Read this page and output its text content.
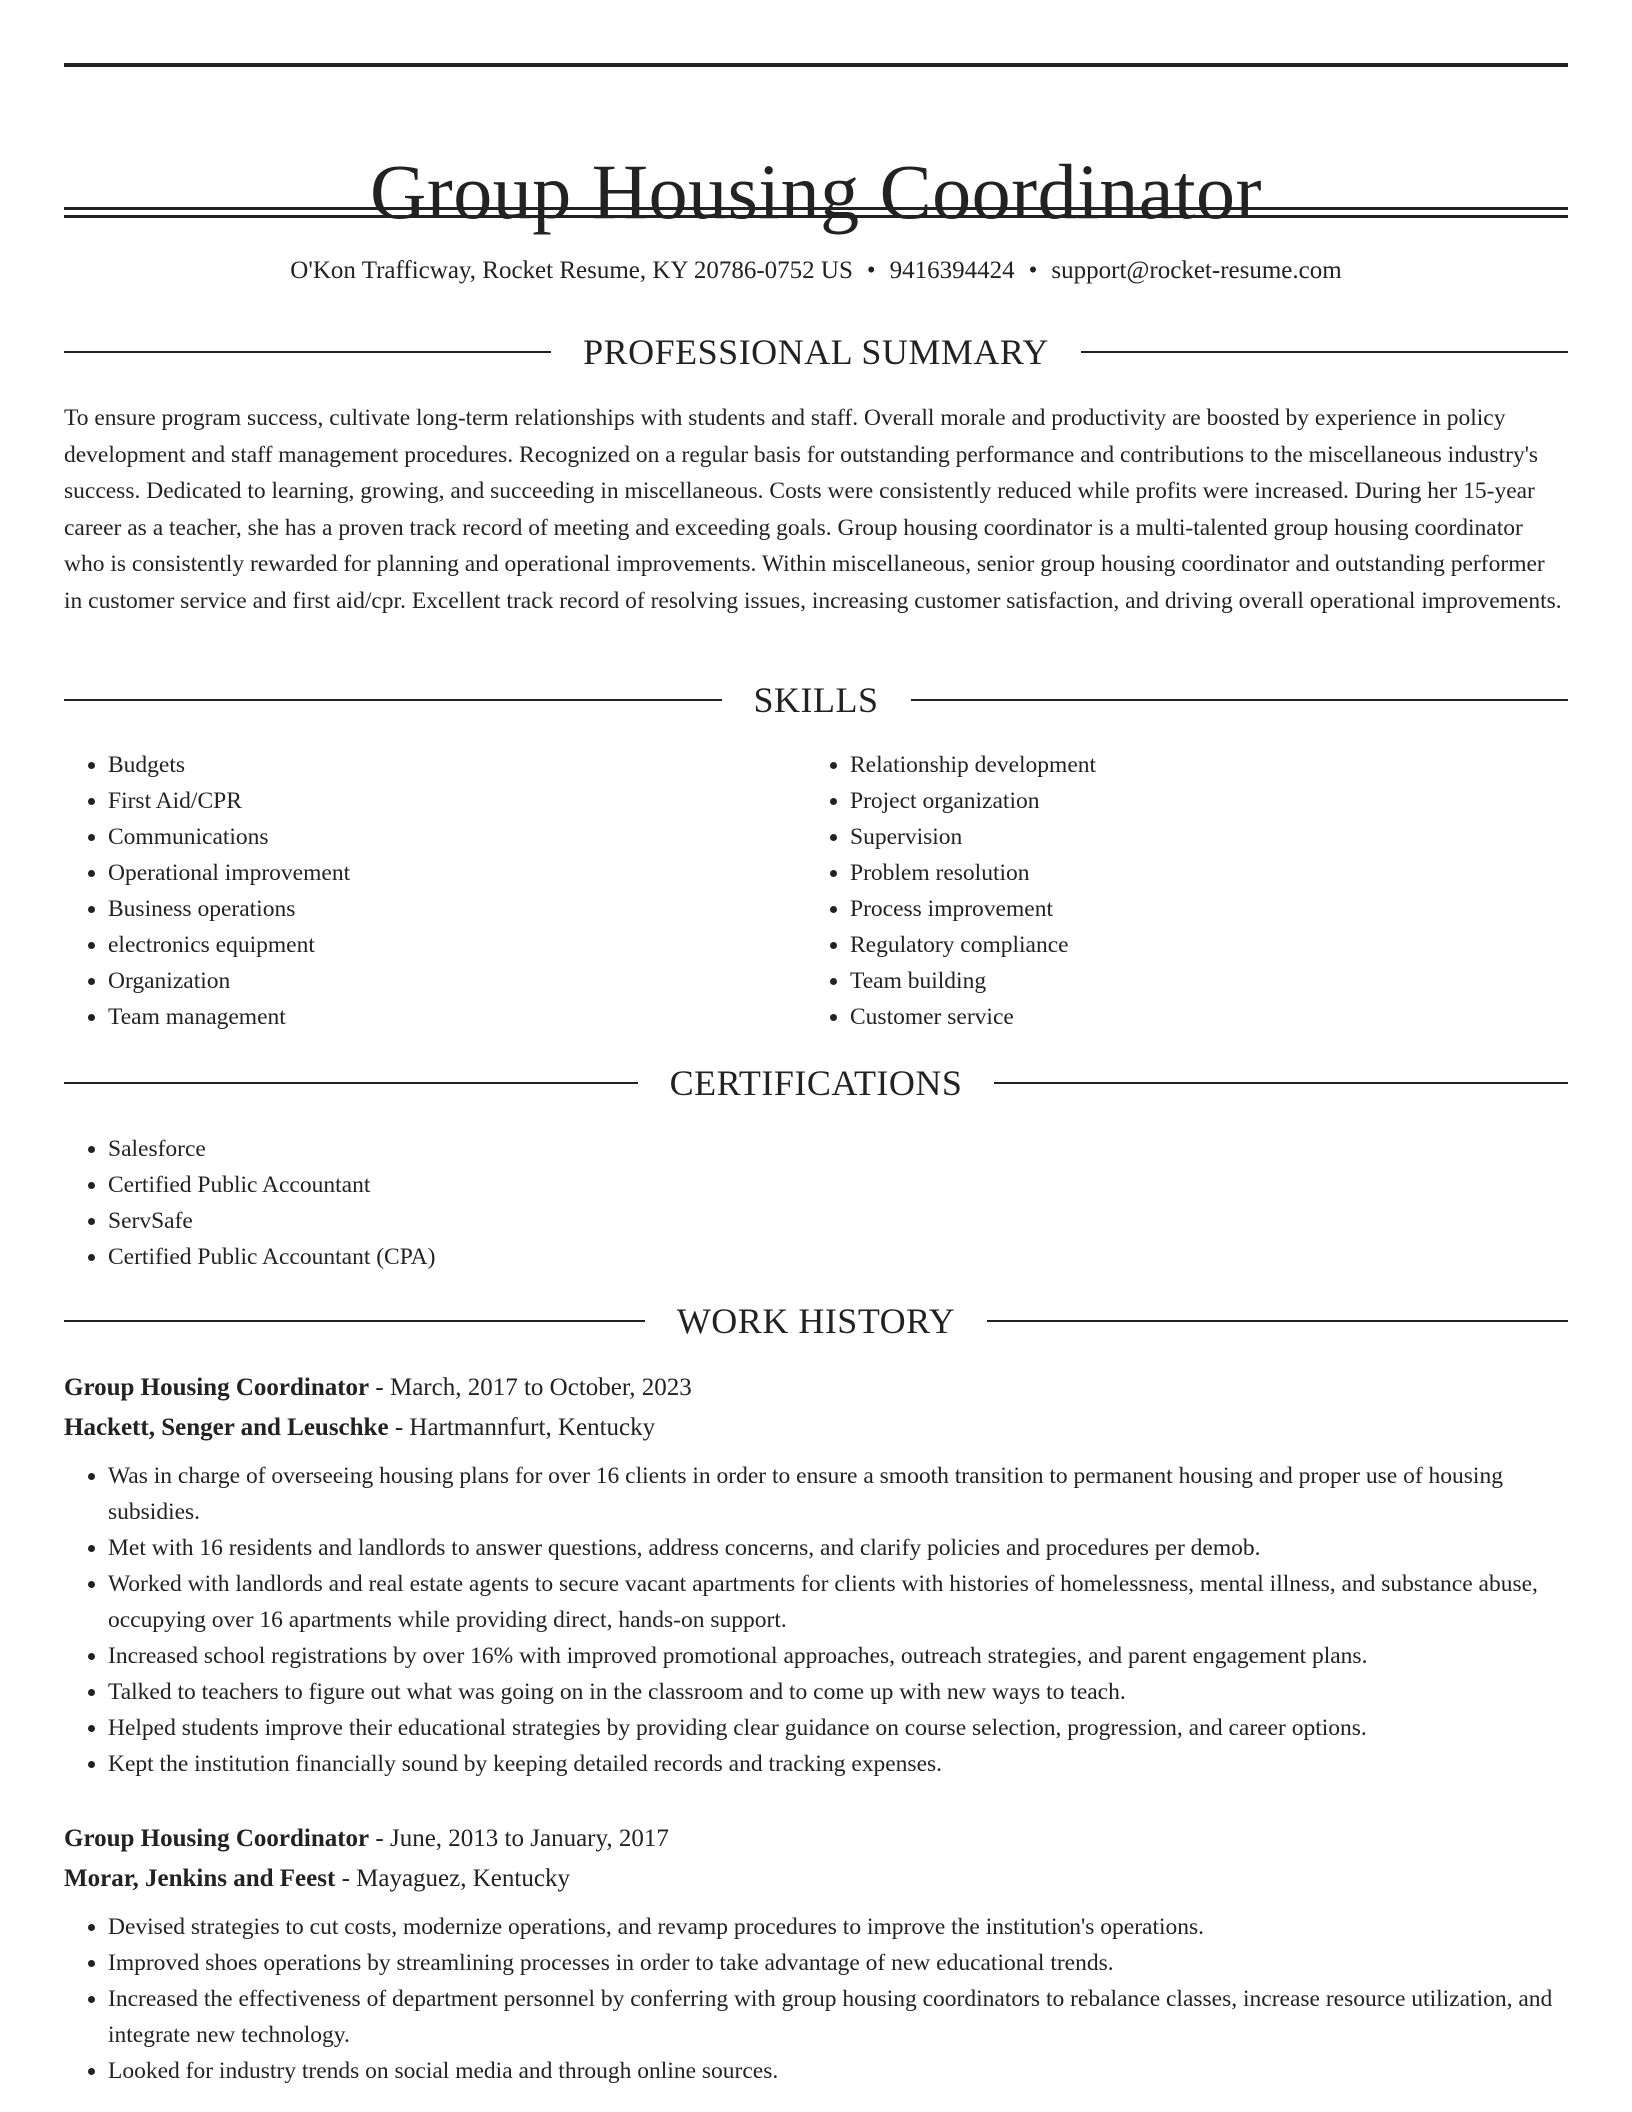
Group Housing Coordinator
O'Kon Trafficway, Rocket Resume, KY 20786-0752 US • 9416394424 • support@rocket-resume.com
PROFESSIONAL SUMMARY

To ensure program success, cultivate long-term relationships with students and staff. Overall morale and productivity are boosted by experience in policy development and staff management procedures. Recognized on a regular basis for outstanding performance and contributions to the miscellaneous industry's success. Dedicated to learning, growing, and succeeding in miscellaneous. Costs were consistently reduced while profits were increased. During her 15-year career as a teacher, she has a proven track record of meeting and exceeding goals. Group housing coordinator is a multi-talented group housing coordinator who is consistently rewarded for planning and operational improvements. Within miscellaneous, senior group housing coordinator and outstanding performer in customer service and first aid/cpr. Excellent track record of resolving issues, increasing customer satisfaction, and driving overall operational improvements.

SKILLS
• Budgets
• First Aid/CPR
• Communications
• Operational improvement
• Business operations
• electronics equipment
• Organization
• Team management
• Relationship development
• Project organization
• Supervision
• Problem resolution
• Process improvement
• Regulatory compliance
• Team building
• Customer service
CERTIFICATIONS
• Salesforce
• Certified Public Accountant
• ServSafe
• Certified Public Accountant (CPA)
WORK HISTORY
Group Housing Coordinator - March, 2017 to October, 2023
Hackett, Senger and Leuschke - Hartmannfurt, Kentucky
• Was in charge of overseeing housing plans for over 16 clients in order to ensure a smooth transition to permanent housing and proper use of housing subsidies.
• Met with 16 residents and landlords to answer questions, address concerns, and clarify policies and procedures per demob.
• Worked with landlords and real estate agents to secure vacant apartments for clients with histories of homelessness, mental illness, and substance abuse, occupying over 16 apartments while providing direct, hands-on support.
• Increased school registrations by over 16% with improved promotional approaches, outreach strategies, and parent engagement plans.
• Talked to teachers to figure out what was going on in the classroom and to come up with new ways to teach.
• Helped students improve their educational strategies by providing clear guidance on course selection, progression, and career options.
• Kept the institution financially sound by keeping detailed records and tracking expenses.
Group Housing Coordinator - June, 2013 to January, 2017
Morar, Jenkins and Feest - Mayaguez, Kentucky
• Devised strategies to cut costs, modernize operations, and revamp procedures to improve the institution's operations.
• Improved shoes operations by streamlining processes in order to take advantage of new educational trends.
• Increased the effectiveness of department personnel by conferring with group housing coordinators to rebalance classes, increase resource utilization, and integrate new technology.
• Looked for industry trends on social media and through online sources.
